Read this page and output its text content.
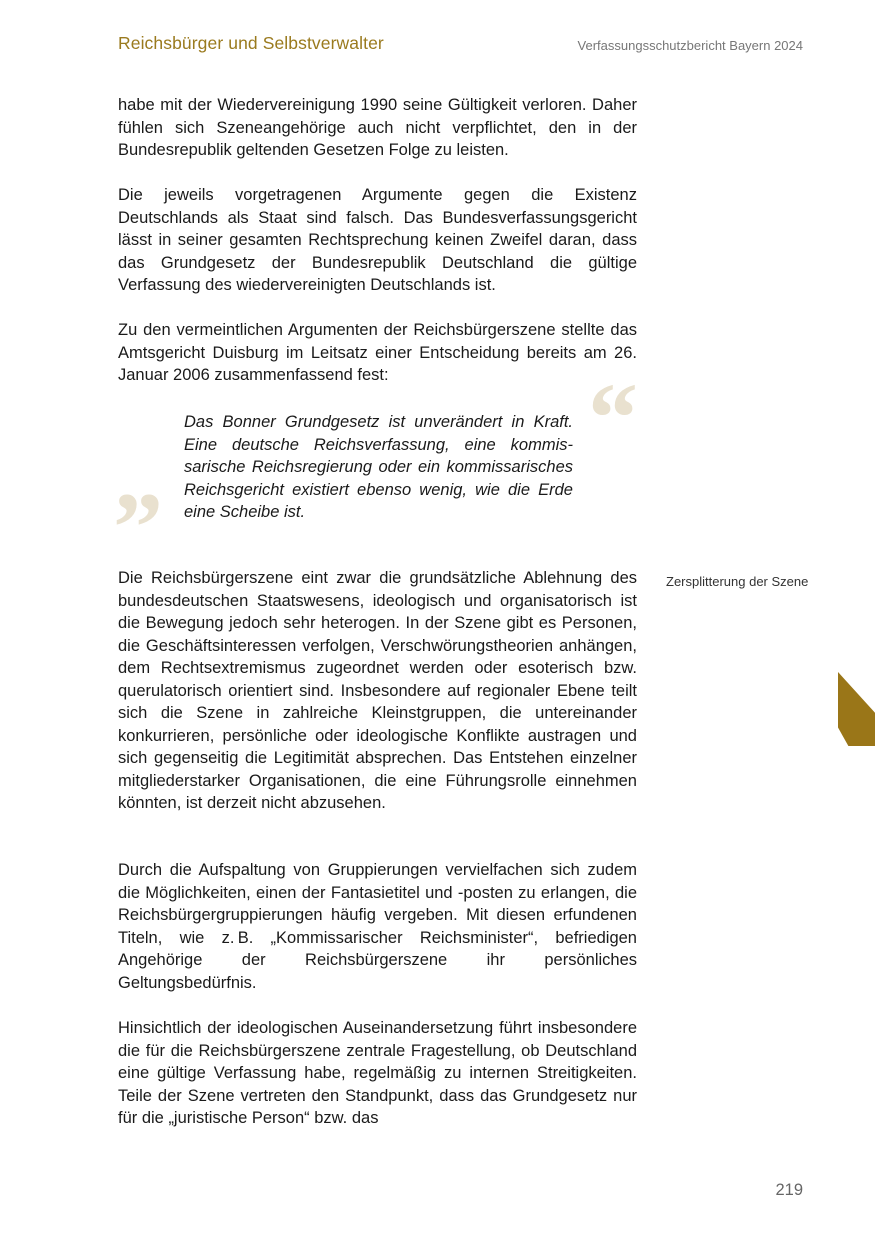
Reichsbürger und Selbstverwalter	Verfassungsschutzbericht Bayern 2024

habe mit der Wiedervereinigung 1990 seine Gültigkeit verloren. Daher fühlen sich Szeneangehörige auch nicht verpflichtet, den in der Bundesrepublik geltenden Gesetzen Folge zu leisten.

Die jeweils vorgetragenen Argumente gegen die Existenz Deutschlands als Staat sind falsch. Das Bundesverfassungsgericht lässt in seiner gesamten Rechtsprechung keinen Zweifel daran, dass das Grundgesetz der Bundesrepublik Deutschland die gültige Verfassung des wiedervereinigten Deutschlands ist.

Zu den vermeintlichen Argumenten der Reichsbürgerszene stellte das Amtsgericht Duisburg im Leitsatz einer Entscheidung bereits am 26. Januar 2006 zusammenfassend fest:	“

Das Bonner Grundgesetz ist unverändert in Kraft. Eine deutsche Reichsverfassung, eine kommissarische Reichsregierung oder ein kommissarisches Reichsgericht existiert ebenso wenig, wie die Erde eine Scheibe ist.

”

Die Reichsbürgerszene eint zwar die grundsätzliche Ablehnung des bundesdeutschen Staatswesens, ideologisch und organisatorisch ist die Bewegung jedoch sehr heterogen. In der Szene gibt es Personen, die Geschäftsinteressen verfolgen, Verschwörungstheorien anhängen, dem Rechtsextremismus zugeordnet werden oder esoterisch bzw. querulatorisch orientiert sind. Insbesondere auf regionaler Ebene teilt sich die Szene in zahlreiche Kleinstgruppen, die untereinander konkurrieren, persönliche oder ideologische Konflikte austragen und sich gegenseitig die Legitimität absprechen. Das Entstehen einzelner mitgliederstarker Organisationen, die eine Führungsrolle einnehmen könnten, ist derzeit nicht abzusehen.

Zersplitterung der Szene

Durch die Aufspaltung von Gruppierungen vervielfachen sich zudem die Möglichkeiten, einen der Fantasietitel und -posten zu erlangen, die Reichsbürgergruppierungen häufig vergeben. Mit diesen erfundenen Titeln, wie z. B. „Kommissarischer Reichsminister“, befriedigen Angehörige der Reichsbürgerszene ihr persönliches Geltungsbedürfnis.

Hinsichtlich der ideologischen Auseinandersetzung führt insbesondere die für die Reichsbürgerszene zentrale Fragestellung, ob Deutschland eine gültige Verfassung habe, regelmäßig zu internen Streitigkeiten. Teile der Szene vertreten den Standpunkt, dass das Grundgesetz nur für die „juristische Person“ bzw. das

219
